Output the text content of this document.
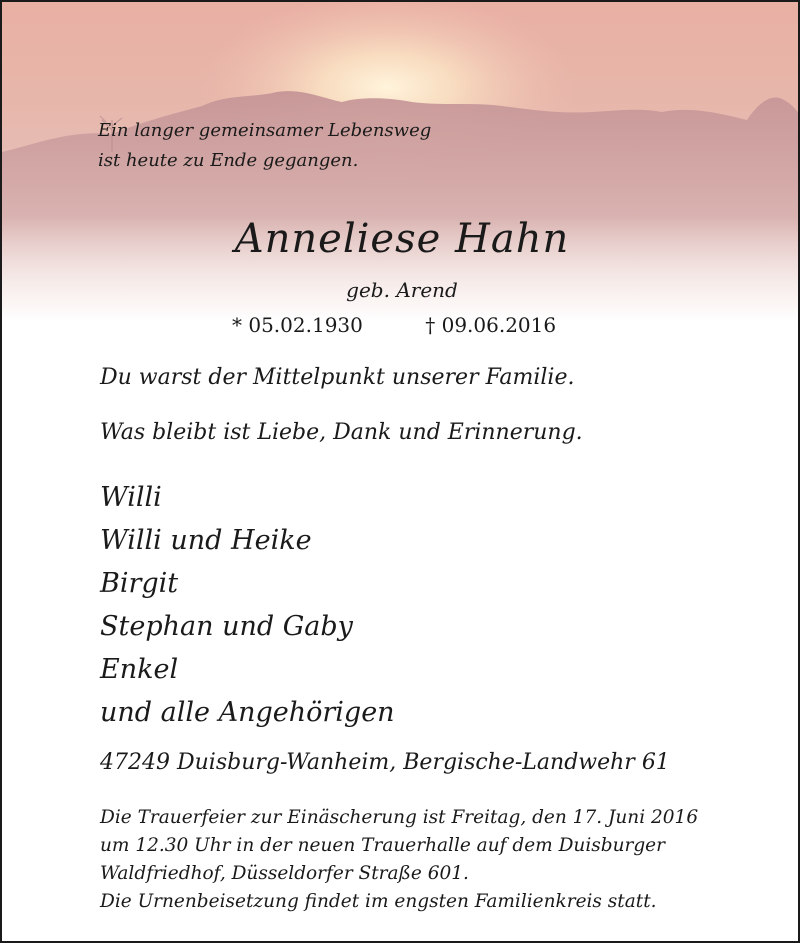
Ein langer gemeinsamer Lebensweg
ist heute zu Ende gegangen.
Anneliese Hahn
geb. Arend
* 05.02.1930	† 09.06.2016
Du warst der Mittelpunkt unserer Familie.
Was bleibt ist Liebe, Dank und Erinnerung.
Willi
Willi und Heike
Birgit
Stephan und Gaby
Enkel
und alle Angehörigen
47249 Duisburg-Wanheim, Bergische-Landwehr 61
Die Trauerfeier zur Einäscherung ist Freitag, den 17. Juni 2016
um 12.30 Uhr in der neuen Trauerhalle auf dem Duisburger
Waldfriedhof, Düsseldorfer Straße 601.
Die Urnenbeisetzung findet im engsten Familienkreis statt.
